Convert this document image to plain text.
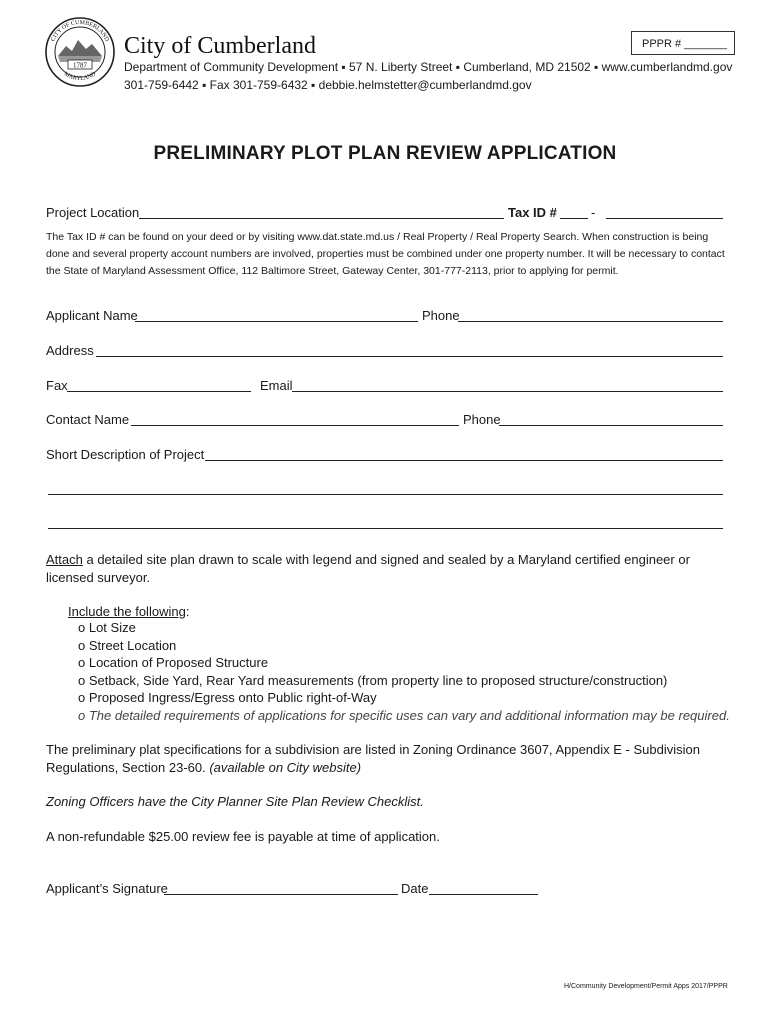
1787
CITY OF CUMBERLAND
MARYLAND
City of Cumberland
Department of Community Development ▪ 57 N. Liberty Street ▪ Cumberland, MD 21502 ▪ www.cumberlandmd.gov
301-759-6442 ▪ Fax 301-759-6432 ▪ debbie.helmstetter@cumberlandmd.gov
PPPR # _______
PRELIMINARY PLOT PLAN REVIEW APPLICATION
Project Location	Tax ID #	-
The Tax ID # can be found on your deed or by visiting www.dat.state.md.us / Real Property / Real Property Search. When construction is being done and several property account numbers are involved, properties must be combined under one property number. It will be necessary to contact the State of Maryland Assessment Office, 112 Baltimore Street, Gateway Center, 301-777-2113, prior to applying for permit.
Applicant Name	Phone
Address
Fax	Email
Contact Name	Phone
Short Description of Project
Attach a detailed site plan drawn to scale with legend and signed and sealed by a Maryland certified engineer or licensed surveyor.
Include the following:
o Lot Size
o Street Location
o Location of Proposed Structure
o Setback, Side Yard, Rear Yard measurements (from property line to proposed structure/construction)
o Proposed Ingress/Egress onto Public right-of-Way
o The detailed requirements of applications for specific uses can vary and additional information may be required.
The preliminary plat specifications for a subdivision are listed in Zoning Ordinance 3607, Appendix E - Subdivision Regulations, Section 23-60. (available on City website)
Zoning Officers have the City Planner Site Plan Review Checklist.
A non-refundable $25.00 review fee is payable at time of application.
Applicant’s Signature	Date
H/Community Development/Permit Apps 2017/PPPR
